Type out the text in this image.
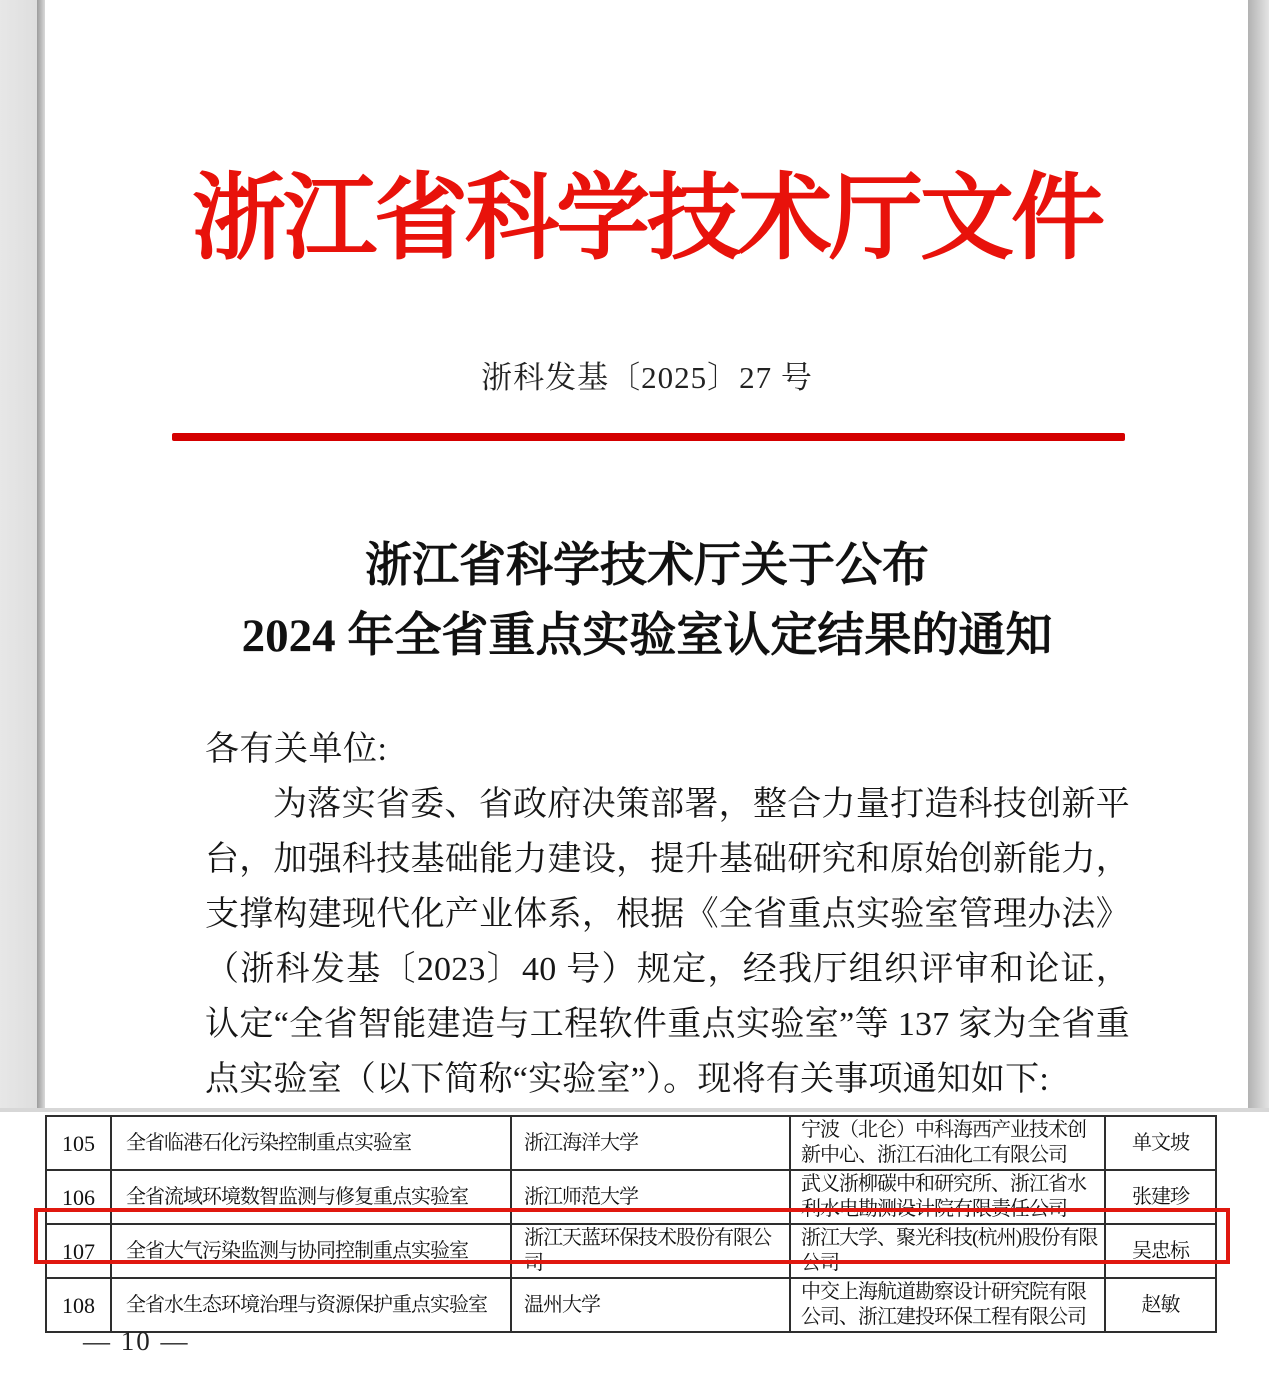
浙江省科学技术厅文件
浙科发基〔2025〕27 号
浙江省科学技术厅关于公布
2024 年全省重点实验室认定结果的通知
各有关单位:

为落实省委、省政府决策部署，整合力量打造科技创新平台，加强科技基础能力建设，提升基础研究和原始创新能力，支撑构建现代化产业体系，根据《全省重点实验室管理办法》（浙科发基〔2023〕40 号）规定，经我厅组织评审和论证，认定“全省智能建造与工程软件重点实验室”等 137 家为全省重点实验室（以下简称“实验室”）。现将有关事项通知如下:

105	全省临港石化污染控制重点实验室	浙江海洋大学	宁波（北仑）中科海西产业技术创新中心、浙江石油化工有限公司	单文坡
106	全省流域环境数智监测与修复重点实验室	浙江师范大学	武义浙柳碳中和研究所、浙江省水利水电勘测设计院有限责任公司	张建珍
107	全省大气污染监测与协同控制重点实验室	浙江天蓝环保技术股份有限公司	浙江大学、聚光科技(杭州)股份有限公司	吴忠标
108	全省水生态环境治理与资源保护重点实验室	温州大学	中交上海航道勘察设计研究院有限公司、浙江建投环保工程有限公司	赵敏
— 10 —
